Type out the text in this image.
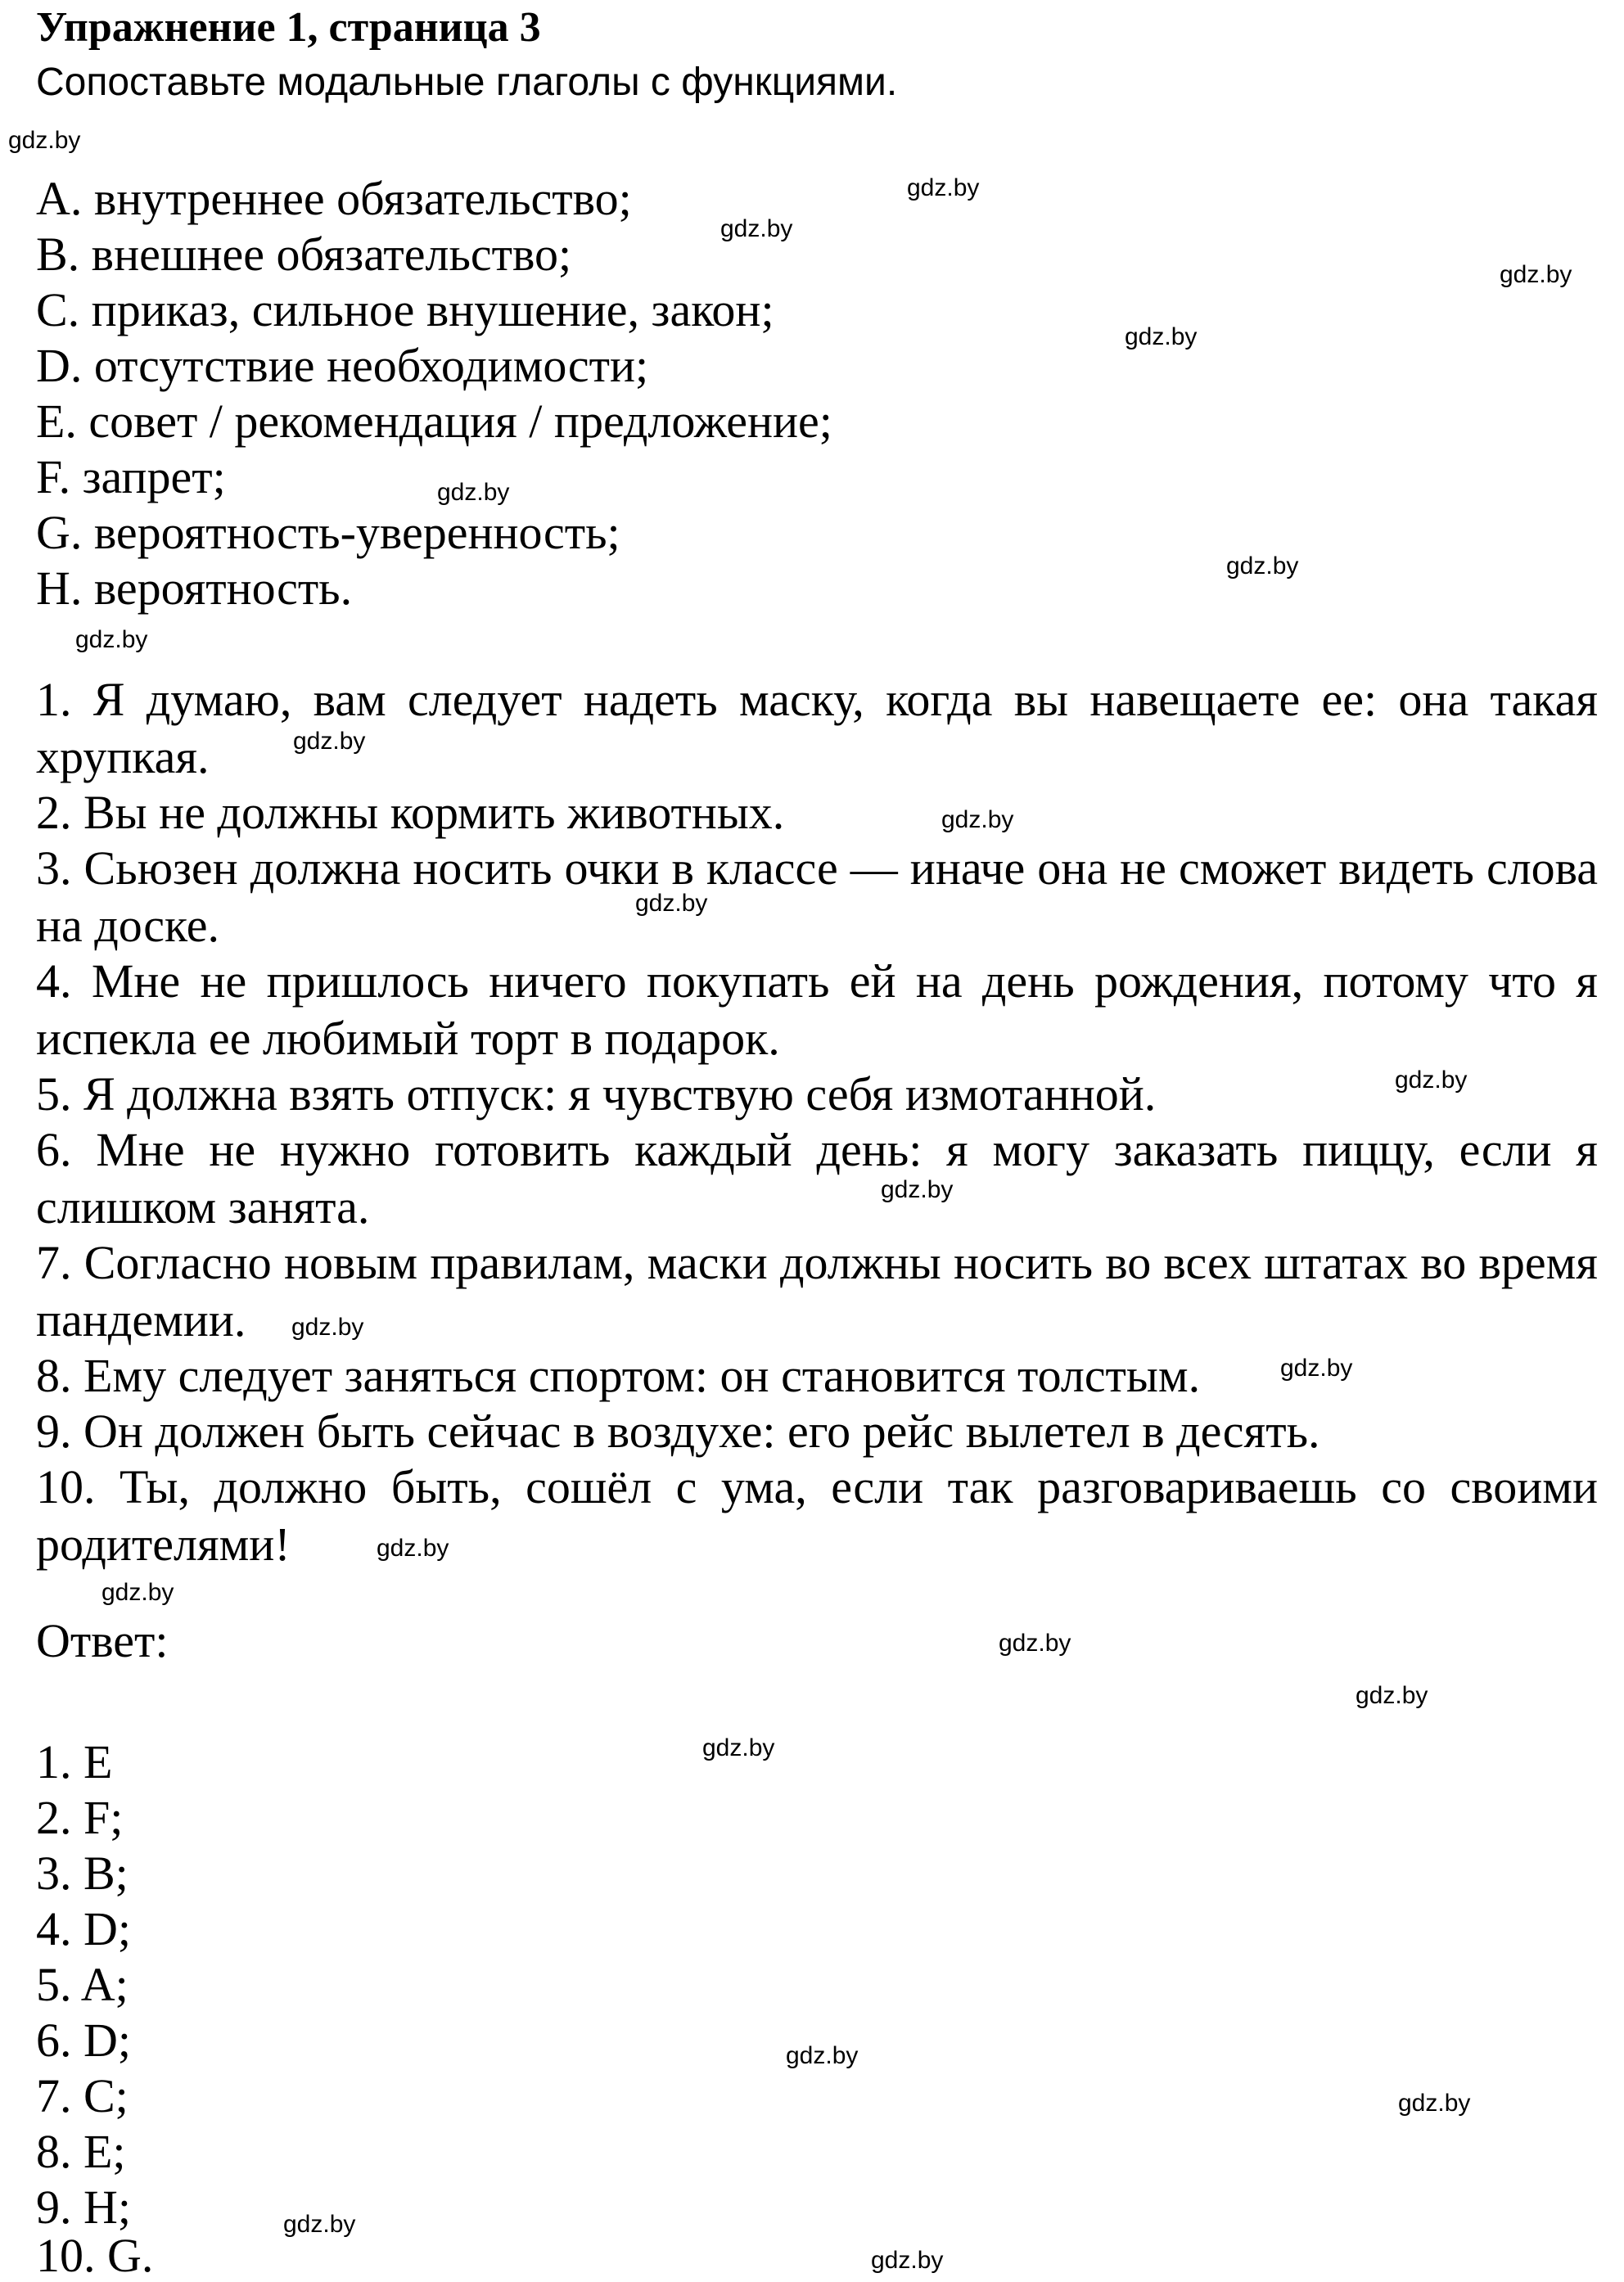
Упражнение 1, страница 3
Сопоставьте модальные глаголы с функциями.
A. внутреннее обязательство;
B. внешнее обязательство;
C. приказ, сильное внушение, закон;
D. отсутствие необходимости;
E. совет / рекомендация / предложение;
F. запрет;
G. вероятность-уверенность;
H. вероятность.
1. Я думаю, вам следует надеть маску, когда вы навещаете ее: она такая хрупкая.
2. Вы не должны кормить животных.
3. Сьюзен должна носить очки в классе — иначе она не сможет видеть слова на доске.
4. Мне не пришлось ничего покупать ей на день рождения, потому что я испекла ее любимый торт в подарок.
5. Я должна взять отпуск: я чувствую себя измотанной.
6. Мне не нужно готовить каждый день: я могу заказать пиццу, если я слишком занята.
7. Согласно новым правилам, маски должны носить во всех штатах во время пандемии.
8. Ему следует заняться спортом: он становится толстым.
9. Он должен быть сейчас в воздухе: его рейс вылетел в десять.
10. Ты, должно быть, сошёл с ума, если так разговариваешь со своими родителями!
Ответ:
1. E
2. F;
3. B;
4. D;
5. A;
6. D;
7. C;
8. E;
9. H;
10. G.
gdz.by
gdz.by
gdz.by
gdz.by
gdz.by
gdz.by
gdz.by
gdz.by
gdz.by
gdz.by
gdz.by
gdz.by
gdz.by
gdz.by
gdz.by
gdz.by
gdz.by
gdz.by
gdz.by
gdz.by
gdz.by
gdz.by
gdz.by
gdz.by
